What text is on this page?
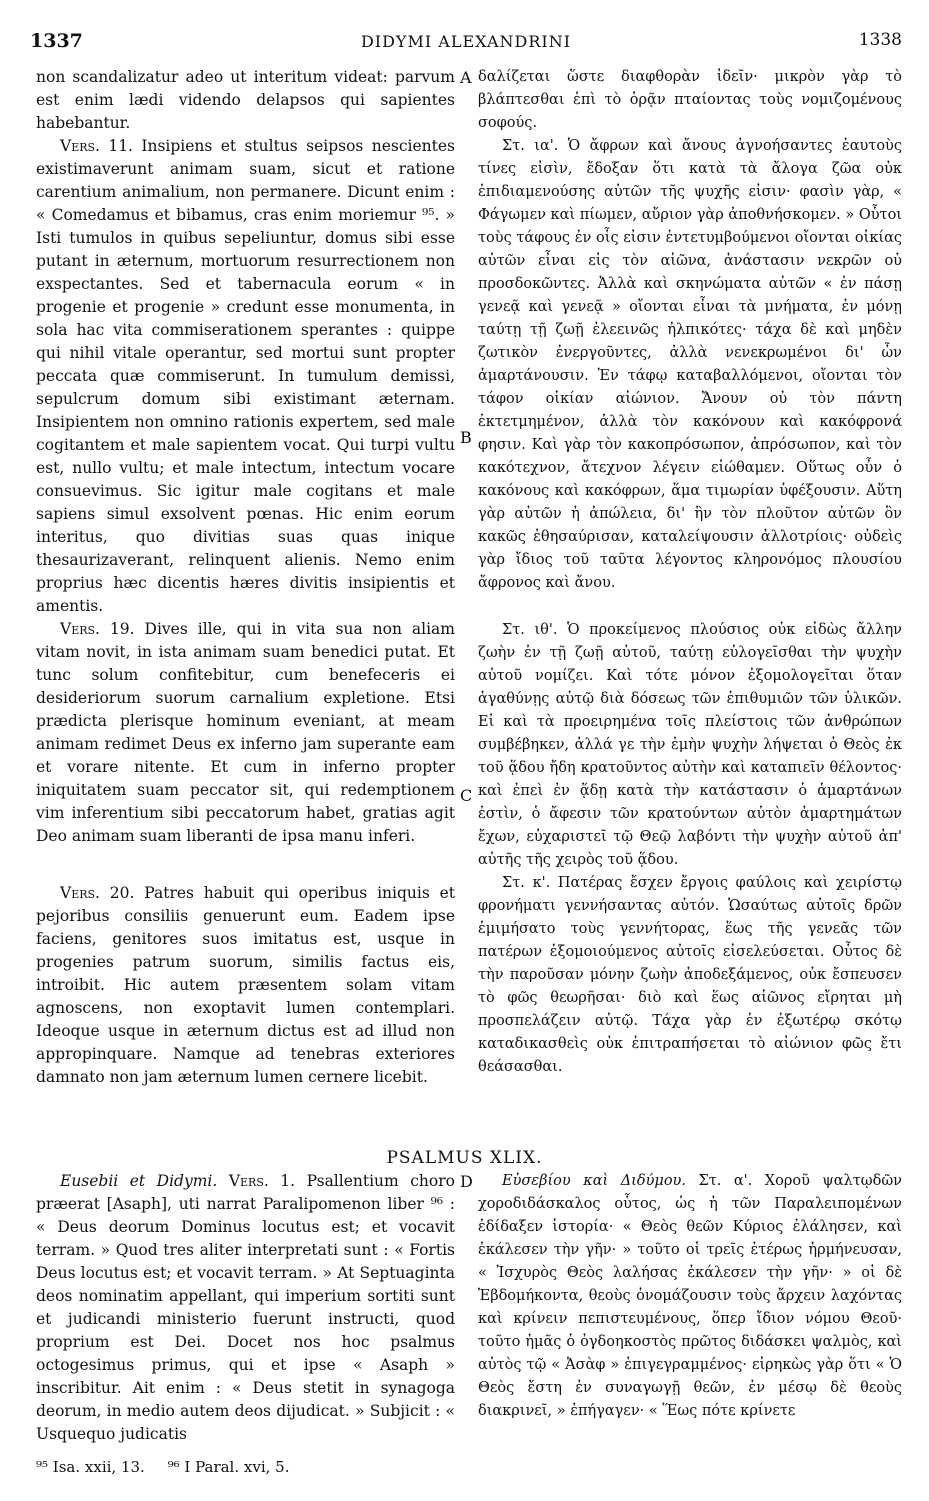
1337	DIDYMI ALEXANDRINI	1338

non scandalizatur adeo ut interitum videat: parvum est enim lædi videndo delapsos qui sapientes habebantur.

Vers. 11. Insipiens et stultus seipsos nescientes existimaverunt animam suam, sicut et ratione carentium animalium, non permanere. Dicunt enim : « Comedamus et bibamus, cras enim moriemur ⁹⁵. » Isti tumulos in quibus sepeliuntur, domus sibi esse putant in æternum, mortuorum resurrectionem non exspectantes. Sed et tabernacula eorum « in progenie et progenie » credunt esse monumenta, in sola hac vita commiserationem sperantes : quippe qui nihil vitale operantur, sed mortui sunt propter peccata quæ commiserunt. In tumulum demissi, sepulcrum domum sibi existimant æternam. Insipientem non omnino rationis expertem, sed male cogitantem et male sapientem vocat. Qui turpi vultu est, nullo vultu; et male intectum, intectum vocare consuevimus. Sic igitur male cogitans et male sapiens simul exsolvent pœnas. Hic enim eorum interitus, quo divitias suas quas inique thesaurizaverant, relinquent alienis. Nemo enim proprius hæc dicentis hæres divitis insipientis et amentis.

Vers. 19. Dives ille, qui in vita sua non aliam vitam novit, in ista animam suam benedici putat. Et tunc solum confitebitur, cum benefeceris ei desideriorum suorum carnalium expletione. Etsi prædicta plerisque hominum eveniant, at meam animam redimet Deus ex inferno jam superante eam et vorare nitente. Et cum in inferno propter iniquitatem suam peccator sit, qui redemptionem vim inferentium sibi peccatorum habet, gratias agit Deo animam suam liberanti de ipsa manu inferi.

Vers. 20. Patres habuit qui operibus iniquis et pejoribus consiliis genuerunt eum. Eadem ipse faciens, genitores suos imitatus est, usque in progenies patrum suorum, similis factus eis, introibit. Hic autem præsentem solam vitam agnoscens, non exoptavit lumen contemplari. Ideoque usque in æternum dictus est ad illud non appropinquare. Namque ad tenebras exteriores damnato non jam æternum lumen cernere licebit.

δαλίζεται ὥστε διαφθορὰν ἰδεῖν· μικρὸν γὰρ τὸ βλάπτεσθαι ἐπὶ τὸ ὁρᾷν πταίοντας τοὺς νομιζομένους σοφούς.

Στ. ια'. Ὁ ἄφρων καὶ ἄνους ἀγνοήσαντες ἑαυτοὺς τίνες εἰσὶν, ἔδοξαν ὅτι κατὰ τὰ ἄλογα ζῶα οὐκ ἐπιδιαμενούσης αὐτῶν τῆς ψυχῆς εἰσιν· φασὶν γὰρ, « Φάγωμεν καὶ πίωμεν, αὔριον γὰρ ἀποθνήσκομεν. » Οὗτοι τοὺς τάφους ἐν οἷς εἰσιν ἐντετυμβούμενοι οἴονται οἰκίας αὐτῶν εἶναι εἰς τὸν αἰῶνα, ἀνάστασιν νεκρῶν οὐ προσδοκῶντες. Ἀλλὰ καὶ σκηνώματα αὐτῶν « ἐν πάσῃ γενεᾷ καὶ γενεᾷ » οἴονται εἶναι τὰ μνήματα, ἐν μόνῃ ταύτῃ τῇ ζωῇ ἐλεεινῶς ἠλπικότες· τάχα δὲ καὶ μηδὲν ζωτικὸν ἐνεργοῦντες, ἀλλὰ νενεκρωμένοι δι' ὧν ἁμαρτάνουσιν. Ἐν τάφῳ καταβαλλόμενοι, οἴονται τὸν τάφον οἰκίαν αἰώνιον. Ἄνουν οὐ τὸν πάντη ἐκτετμημένον, ἀλλὰ τὸν κακόνουν καὶ κακόφρονά φησιν. Καὶ γὰρ τὸν κακοπρόσωπον, ἀπρόσωπον, καὶ τὸν κακότεχνον, ἄτεχνον λέγειν εἰώθαμεν. Οὕτως οὖν ὁ κακόνους καὶ κακόφρων, ἅμα τιμωρίαν ὑφέξουσιν. Αὕτη γὰρ αὐτῶν ἡ ἀπώλεια, δι' ἣν τὸν πλοῦτον αὐτῶν ὃν κακῶς ἐθησαύρισαν, καταλείψουσιν ἀλλοτρίοις· οὐδεὶς γὰρ ἴδιος τοῦ ταῦτα λέγοντος κληρονόμος πλουσίου ἄφρονος καὶ ἄνου.

Στ. ιθ'. Ὁ προκείμενος πλούσιος οὐκ εἰδὼς ἄλλην ζωὴν ἐν τῇ ζωῇ αὐτοῦ, ταύτῃ εὐλογεῖσθαι τὴν ψυχὴν αὐτοῦ νομίζει. Καὶ τότε μόνον ἐξομολογεῖται ὅταν ἀγαθύνῃς αὐτῷ διὰ δόσεως τῶν ἐπιθυμιῶν τῶν ὑλικῶν. Εἰ καὶ τὰ προειρημένα τοῖς πλείστοις τῶν ἀνθρώπων συμβέβηκεν, ἀλλά γε τὴν ἐμὴν ψυχὴν λήψεται ὁ Θεὸς ἐκ τοῦ ᾅδου ἤδη κρατοῦντος αὐτὴν καὶ καταπιεῖν θέλοντος· καὶ ἐπεὶ ἐν ᾅδῃ κατὰ τὴν κατάστασιν ὁ ἁμαρτάνων ἐστὶν, ὁ ἄφεσιν τῶν κρατούντων αὐτὸν ἁμαρτημάτων ἔχων, εὐχαριστεῖ τῷ Θεῷ λαβόντι τὴν ψυχὴν αὐτοῦ ἀπ' αὐτῆς τῆς χειρὸς τοῦ ᾅδου.

Στ. κ'. Πατέρας ἔσχεν ἔργοις φαύλοις καὶ χειρίστῳ φρονήματι γεννήσαντας αὐτόν. Ὡσαύτως αὐτοῖς δρῶν ἐμιμήσατο τοὺς γεννήτορας, ἕως τῆς γενεᾶς τῶν πατέρων ἐξομοιούμενος αὐτοῖς εἰσελεύσεται. Οὗτος δὲ τὴν παροῦσαν μόνην ζωὴν ἀποδεξάμενος, οὐκ ἔσπευσεν τὸ φῶς θεωρῆσαι· διὸ καὶ ἕως αἰῶνος εἴρηται μὴ προσπελάζειν αὐτῷ. Τάχα γὰρ ἐν ἐξωτέρῳ σκότῳ καταδικασθεὶς οὐκ ἐπιτραπήσεται τὸ αἰώνιον φῶς ἔτι θεάσασθαι.

A
B
C
D
PSALMUS XLIX.

Eusebii et Didymi. Vers. 1. Psallentium choro præerat [Asaph], uti narrat Paralipomenon liber ⁹⁶ : « Deus deorum Dominus locutus est; et vocavit terram. » Quod tres aliter interpretati sunt : « Fortis Deus locutus est; et vocavit terram. » At Septuaginta deos nominatim appellant, qui imperium sortiti sunt et judicandi ministerio fuerunt instructi, quod proprium est Dei. Docet nos hoc psalmus octogesimus primus, qui et ipse « Asaph » inscribitur. Ait enim : « Deus stetit in synagoga deorum, in medio autem deos dijudicat. » Subjicit : « Usquequo judicatis

Εὐσεβίου καὶ Διδύμου. Στ. α'. Χοροῦ ψαλτῳδῶν χοροδιδάσκαλος οὗτος, ὡς ἡ τῶν Παραλειπομένων ἐδίδαξεν ἱστορία· « Θεὸς θεῶν Κύριος ἐλάλησεν, καὶ ἐκάλεσεν τὴν γῆν· » τοῦτο οἱ τρεῖς ἑτέρως ἡρμήνευσαν, « Ἰσχυρὸς Θεὸς λαλήσας ἐκάλεσεν τὴν γῆν· » οἱ δὲ Ἑβδομήκοντα, θεοὺς ὀνομάζουσιν τοὺς ἄρχειν λαχόντας καὶ κρίνειν πεπιστευμένους, ὅπερ ἴδιον νόμου Θεοῦ· τοῦτο ἡμᾶς ὁ ὀγδοηκοστὸς πρῶτος διδάσκει ψαλμὸς, καὶ αὐτὸς τῷ « Ἀσὰφ » ἐπιγεγραμμένος· εἰρηκὼς γὰρ ὅτι « Ὁ Θεὸς ἔστη ἐν συναγωγῇ θεῶν, ἐν μέσῳ δὲ θεοὺς διακρινεῖ, » ἐπήγαγεν· « Ἕως πότε κρίνετε

⁹⁵ Isa. xxii, 13. ⁹⁶ I Paral. xvi, 5.
